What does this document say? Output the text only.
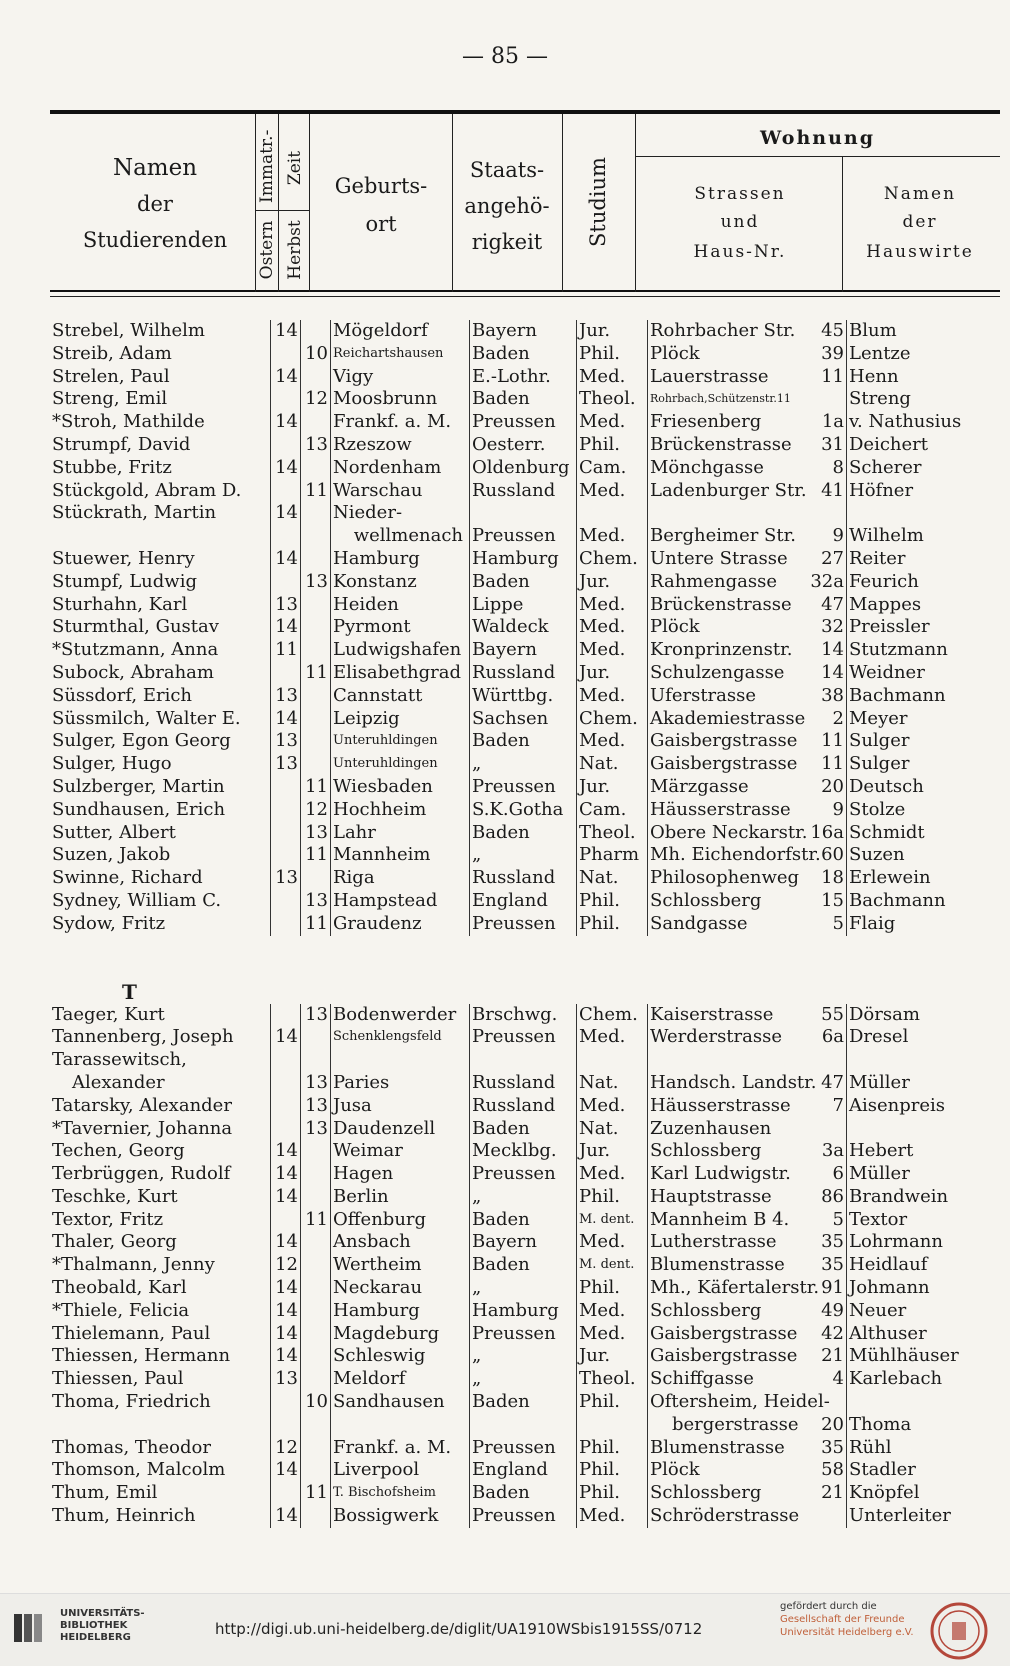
— 85 —
Namen
der
Studierenden
Immatr.- Zeit
Ostern Herbst
Geburts-
ort
Staats-
angehö-
rigkeit	Studium
Wohnung
Strassen
und
Haus-Nr.
Namen
der
Hauswirte
Strebel, Wilhelm	14		Mögeldorf	Bayern	Jur.	Rohrbacher Str. 45	Blum
Streib, Adam		10	Reichartshausen	Baden	Phil.	Plöck 39	Lentze
Strelen, Paul	14		Vigy	E.-Lothr.	Med.	Lauerstrasse 11	Henn
Streng, Emil		12	Moosbrunn	Baden	Theol.	Rohrbach,Schützenstr.11	Streng
*Stroh, Mathilde	14		Frankf. a. M.	Preussen	Med.	Friesenberg 1a	v. Nathusius
Strumpf, David		13	Rzeszow	Oesterr.	Phil.	Brückenstrasse 31	Deichert
Stubbe, Fritz	14		Nordenham	Oldenburg	Cam.	Mönchgasse 8	Scherer
Stückgold, Abram D.		11	Warschau	Russland	Med.	Ladenburger Str. 41	Höfner
Stückrath, Martin	14		Nieder-			

			wellmenach	Preussen	Med.	Bergheimer Str. 9	Wilhelm
Stuewer, Henry	14		Hamburg	Hamburg	Chem.	Untere Strasse 27	Reiter
Stumpf, Ludwig		13	Konstanz	Baden	Jur.	Rahmengasse 32a	Feurich
Sturhahn, Karl	13		Heiden	Lippe	Med.	Brückenstrasse 47	Mappes
Sturmthal, Gustav	14		Pyrmont	Waldeck	Med.	Plöck 32	Preissler
*Stutzmann, Anna	11		Ludwigshafen	Bayern	Med.	Kronprinzenstr. 14	Stutzmann
Subock, Abraham		11	Elisabethgrad	Russland	Jur.	Schulzengasse 14	Weidner
Süssdorf, Erich	13		Cannstatt	Württbg.	Med.	Uferstrasse 38	Bachmann
Süssmilch, Walter E.	14		Leipzig	Sachsen	Chem.	Akademiestrasse 2	Meyer
Sulger, Egon Georg	13		Unteruhldingen	Baden	Med.	Gaisbergstrasse 11	Sulger
Sulger, Hugo	13		Unteruhldingen	„	Nat.	Gaisbergstrasse 11	Sulger
Sulzberger, Martin		11	Wiesbaden	Preussen	Jur.	Märzgasse 20	Deutsch
Sundhausen, Erich		12	Hochheim	S.K.Gotha	Cam.	Häusserstrasse 9	Stolze
Sutter, Albert		13	Lahr	Baden	Theol.	Obere Neckarstr. 16a	Schmidt
Suzen, Jakob		11	Mannheim	„	Pharm	Mh. Eichendorfstr. 60	Suzen
Swinne, Richard	13		Riga	Russland	Nat.	Philosophenweg 18	Erlewein
Sydney, William C.		13	Hampstead	England	Phil.	Schlossberg 15	Bachmann
Sydow, Fritz		11	Graudenz	Preussen	Phil.	Sandgasse 5	Flaig
T							
Taeger, Kurt		13	Bodenwerder	Brschwg.	Chem.	Kaiserstrasse 55	Dörsam
Tannenberg, Joseph	14		Schenklengsfeld	Preussen	Med.	Werderstrasse 6a	Dresel
Tarassewitsch,						

Alexander		13	Paries	Russland	Nat.	Handsch. Landstr. 47	Müller
Tatarsky, Alexander		13	Jusa	Russland	Med.	Häusserstrasse 7	Aisenpreis
*Tavernier, Johanna		13	Daudenzell	Baden	Nat.	Zuzenhausen	

Techen, Georg	14		Weimar	Mecklbg.	Jur.	Schlossberg 3a	Hebert
Terbrüggen, Rudolf	14		Hagen	Preussen	Med.	Karl Ludwigstr. 6	Müller
Teschke, Kurt	14		Berlin	„	Phil.	Hauptstrasse 86	Brandwein
Textor, Fritz		11	Offenburg	Baden	M. dent.	Mannheim B 4. 5	Textor
Thaler, Georg	14		Ansbach	Bayern	Med.	Lutherstrasse 35	Lohrmann
*Thalmann, Jenny	12		Wertheim	Baden	M. dent.	Blumenstrasse 35	Heidlauf
Theobald, Karl	14		Neckarau	„	Phil.	Mh., Käfertalerstr. 91	Johmann
*Thiele, Felicia	14		Hamburg	Hamburg	Med.	Schlossberg 49	Neuer
Thielemann, Paul	14		Magdeburg	Preussen	Med.	Gaisbergstrasse 42	Althuser
Thiessen, Hermann	14		Schleswig	„	Jur.	Gaisbergstrasse 21	Mühlhäuser
Thiessen, Paul	13		Meldorf	„	Theol.	Schiffgasse 4	Karlebach
Thoma, Friedrich		10	Sandhausen	Baden	Phil.	Oftersheim, Heidel-	

						bergerstrasse 20	Thoma
Thomas, Theodor	12		Frankf. a. M.	Preussen	Phil.	Blumenstrasse 35	Rühl
Thomson, Malcolm	14		Liverpool	England	Phil.	Plöck 58	Stadler
Thum, Emil		11	T. Bischofsheim	Baden	Phil.	Schlossberg 21	Knöpfel
Thum, Heinrich	14		Bossigwerk	Preussen	Med.	Schröderstrasse	Unterleiter
UNIVERSITÄTS-
BIBLIOTHEK
HEIDELBERG	http://digi.ub.uni-heidelberg.de/diglit/UA1910WSbis1915SS/0712
gefördert durch die
Gesellschaft der Freunde
Universität Heidelberg e.V.
